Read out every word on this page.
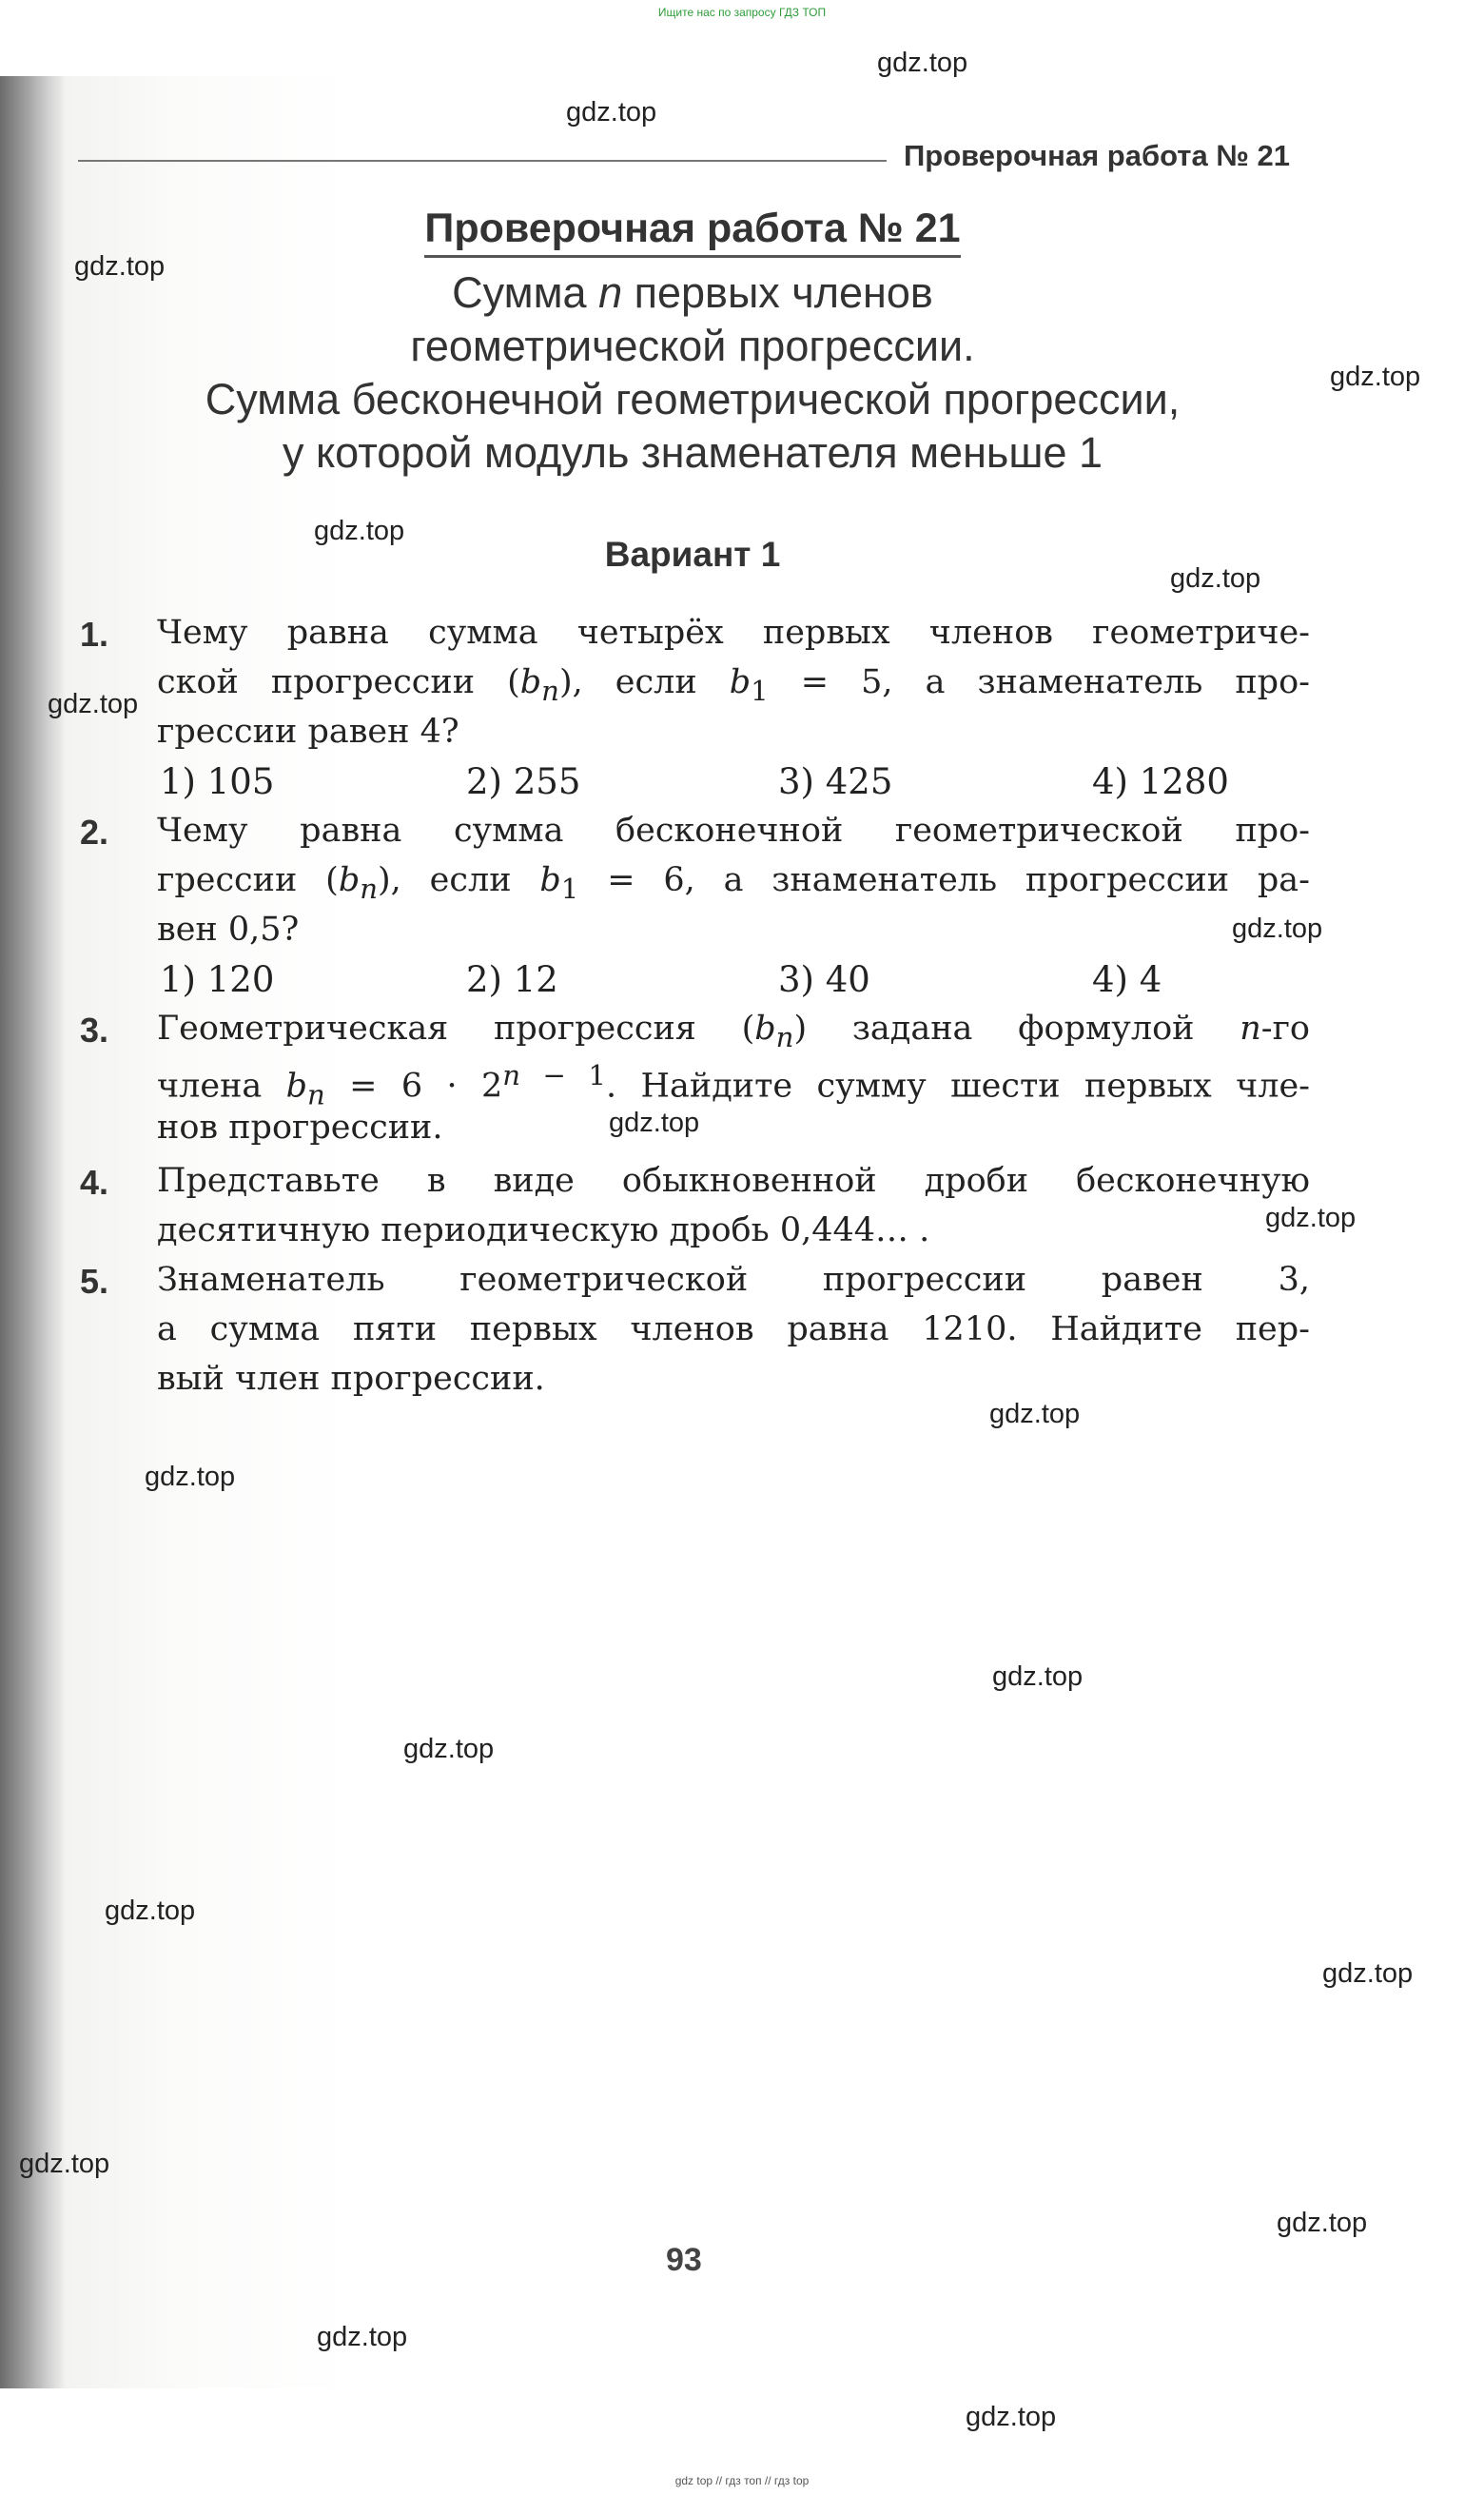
Ищите нас по запросу ГДЗ ТОП
Проверочная работа № 21
Проверочная работа № 21
Сумма n первых членов
геометрической прогрессии.
Сумма бесконечной геометрической прогрессии,
у которой модуль знаменателя меньше 1
Вариант 1
1. Чему равна сумма четырёх первых членов геометриче-
ской прогрессии $(b_n)$, если $b_1 = 5$, а знаменатель про-
грессии равен 4?
1) 105	2) 255	3) 425	4) 1280
2. Чему равна сумма бесконечной геометрической про-
грессии $(b_n)$, если $b_1 = 6$, а знаменатель прогрессии ра-
вен 0,5?
1) 120	2) 12	3) 40	4) 4
3. Геометрическая прогрессия $(b_n)$ задана формулой n-го
члена $b_n = 6 \cdot 2^{n - 1}$. Найдите сумму шести первых чле-
нов прогрессии.
4. Представьте в виде обыкновенной дроби бесконечную
десятичную периодическую дробь 0,444… .
5. Знаменатель геометрической прогрессии равен 3,
а сумма пяти первых членов равна 1210. Найдите пер-
вый член прогрессии.
93
gdz.top
gdz.top
gdz.top
gdz.top
gdz.top
gdz.top
gdz.top
gdz.top
gdz.top
gdz.top
gdz.top
gdz.top
gdz.top
gdz.top
gdz.top
gdz.top
gdz.top
gdz.top
gdz.top
gdz.top
gdz top // гдз топ // гдз top
